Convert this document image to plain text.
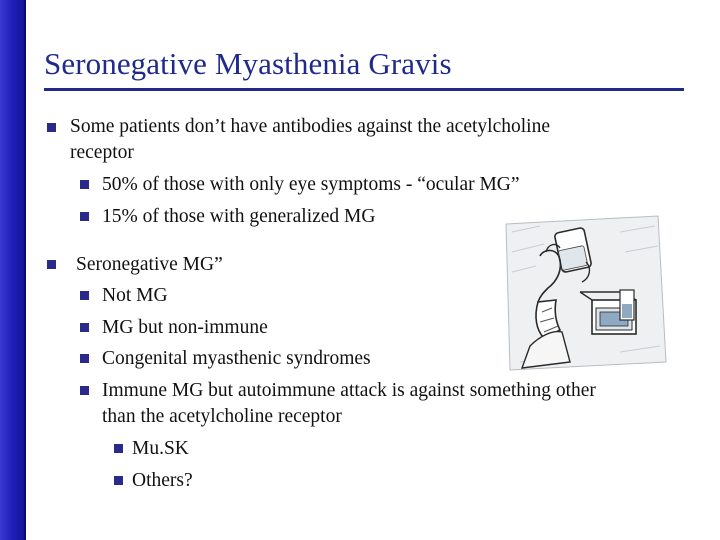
Seronegative Myasthenia Gravis
Some patients don’t have antibodies against the acetylcholine
receptor
50% of those with only eye symptoms - “ocular MG”
15% of those with generalized MG
Seronegative MG”
Not MG
MG but non-immune
Congenital myasthenic syndromes
Immune MG but autoimmune attack is against something other
than the acetylcholine receptor
Mu.SK
Others?
